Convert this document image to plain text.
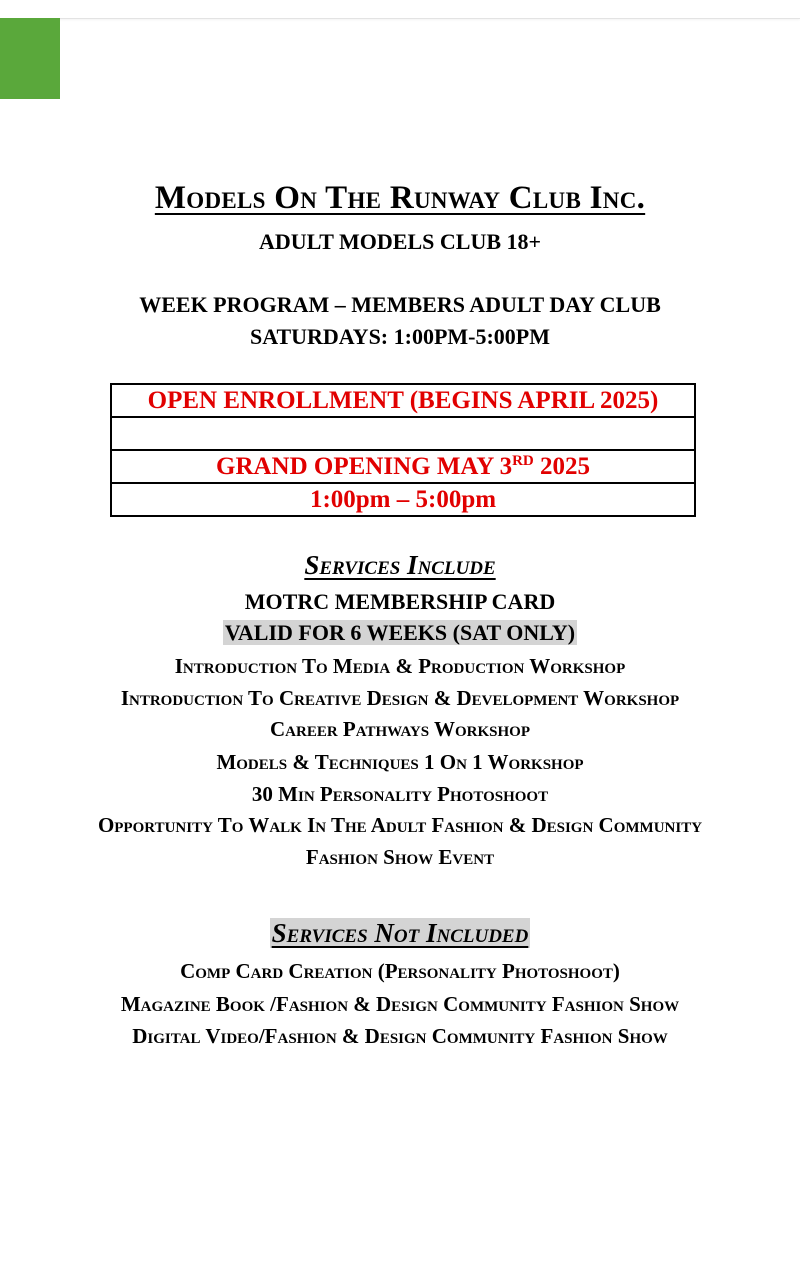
Models On The Runway Club Inc.
ADULT MODELS CLUB 18+
WEEK PROGRAM – MEMBERS ADULT DAY CLUB
SATURDAYS: 1:00PM-5:00PM
OPEN ENROLLMENT (BEGINS APRIL 2025)

GRAND OPENING MAY 3RD 2025
1:00pm – 5:00pm
Services Include
MOTRC MEMBERSHIP CARD
VALID FOR 6 WEEKS (SAT ONLY)
Introduction To Media & Production Workshop
Introduction To Creative Design & Development Workshop
Career Pathways Workshop
Models & Techniques 1 On 1 Workshop
30 Min Personality Photoshoot
Opportunity To Walk In The Adult Fashion & Design Community
Fashion Show Event
Services Not Included
Comp Card Creation (Personality Photoshoot)
Magazine Book /Fashion & Design Community Fashion Show
Digital Video/Fashion & Design Community Fashion Show
